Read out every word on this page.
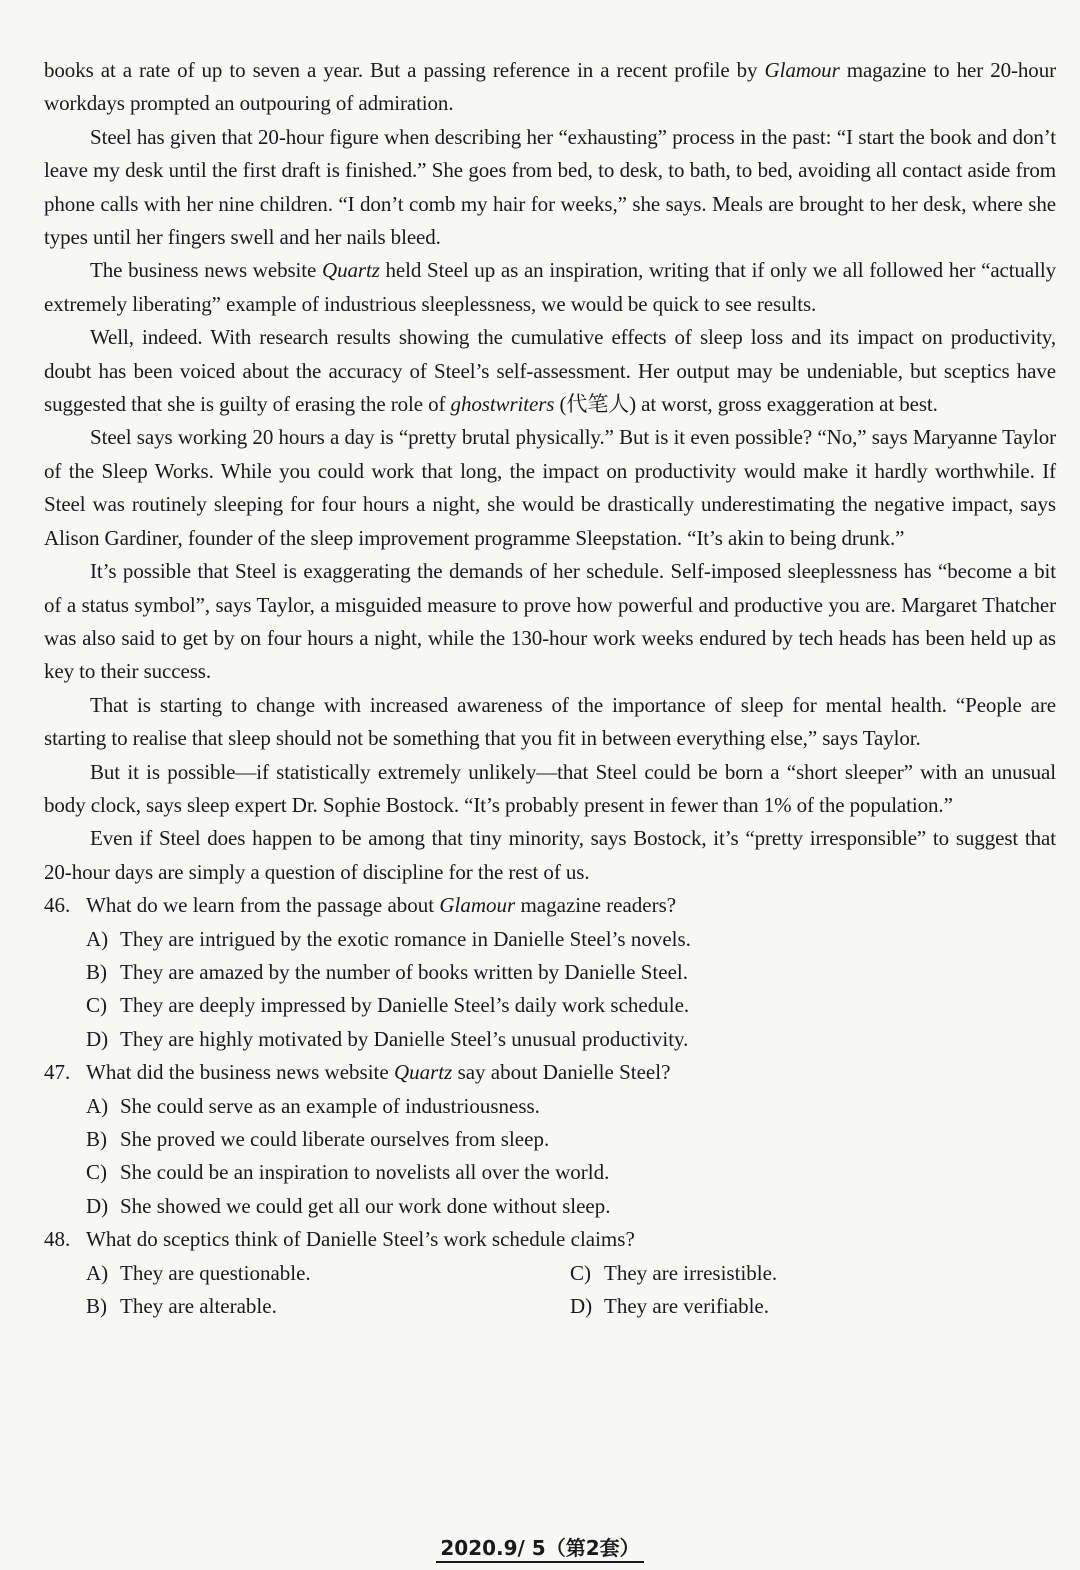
books at a rate of up to seven a year. But a passing reference in a recent profile by Glamour magazine to her 20-hour workdays prompted an outpouring of admiration.

Steel has given that 20-hour figure when describing her “exhausting” process in the past: “I start the book and don’t leave my desk until the first draft is finished.” She goes from bed, to desk, to bath, to bed, avoiding all contact aside from phone calls with her nine children. “I don’t comb my hair for weeks,” she says. Meals are brought to her desk, where she types until her fingers swell and her nails bleed.

The business news website Quartz held Steel up as an inspiration, writing that if only we all followed her “actually extremely liberating” example of industrious sleeplessness, we would be quick to see results.

Well, indeed. With research results showing the cumulative effects of sleep loss and its impact on productivity, doubt has been voiced about the accuracy of Steel’s self-assessment. Her output may be undeniable, but sceptics have suggested that she is guilty of erasing the role of ghostwriters (代笔人) at worst, gross exaggeration at best.

Steel says working 20 hours a day is “pretty brutal physically.” But is it even possible? “No,” says Maryanne Taylor of the Sleep Works. While you could work that long, the impact on productivity would make it hardly worthwhile. If Steel was routinely sleeping for four hours a night, she would be drastically underestimating the negative impact, says Alison Gardiner, founder of the sleep improvement programme Sleepstation. “It’s akin to being drunk.”

It’s possible that Steel is exaggerating the demands of her schedule. Self-imposed sleeplessness has “become a bit of a status symbol”, says Taylor, a misguided measure to prove how powerful and productive you are. Margaret Thatcher was also said to get by on four hours a night, while the 130-hour work weeks endured by tech heads has been held up as key to their success.

That is starting to change with increased awareness of the importance of sleep for mental health. “People are starting to realise that sleep should not be something that you fit in between everything else,” says Taylor.

But it is possible—if statistically extremely unlikely—that Steel could be born a “short sleeper” with an unusual body clock, says sleep expert Dr. Sophie Bostock. “It’s probably present in fewer than 1% of the population.”

Even if Steel does happen to be among that tiny minority, says Bostock, it’s “pretty irresponsible” to suggest that 20-hour days are simply a question of discipline for the rest of us.

46. What do we learn from the passage about Glamour magazine readers?
A) They are intrigued by the exotic romance in Danielle Steel’s novels.
B) They are amazed by the number of books written by Danielle Steel.
C) They are deeply impressed by Danielle Steel’s daily work schedule.
D) They are highly motivated by Danielle Steel’s unusual productivity.
47. What did the business news website Quartz say about Danielle Steel?
A) She could serve as an example of industriousness.
B) She proved we could liberate ourselves from sleep.
C) She could be an inspiration to novelists all over the world.
D) She showed we could get all our work done without sleep.
48. What do sceptics think of Danielle Steel’s work schedule claims?
A) They are questionable.	C) They are irresistible.
B) They are alterable.	D) They are verifiable.
2020.9/ 5（第2套）
